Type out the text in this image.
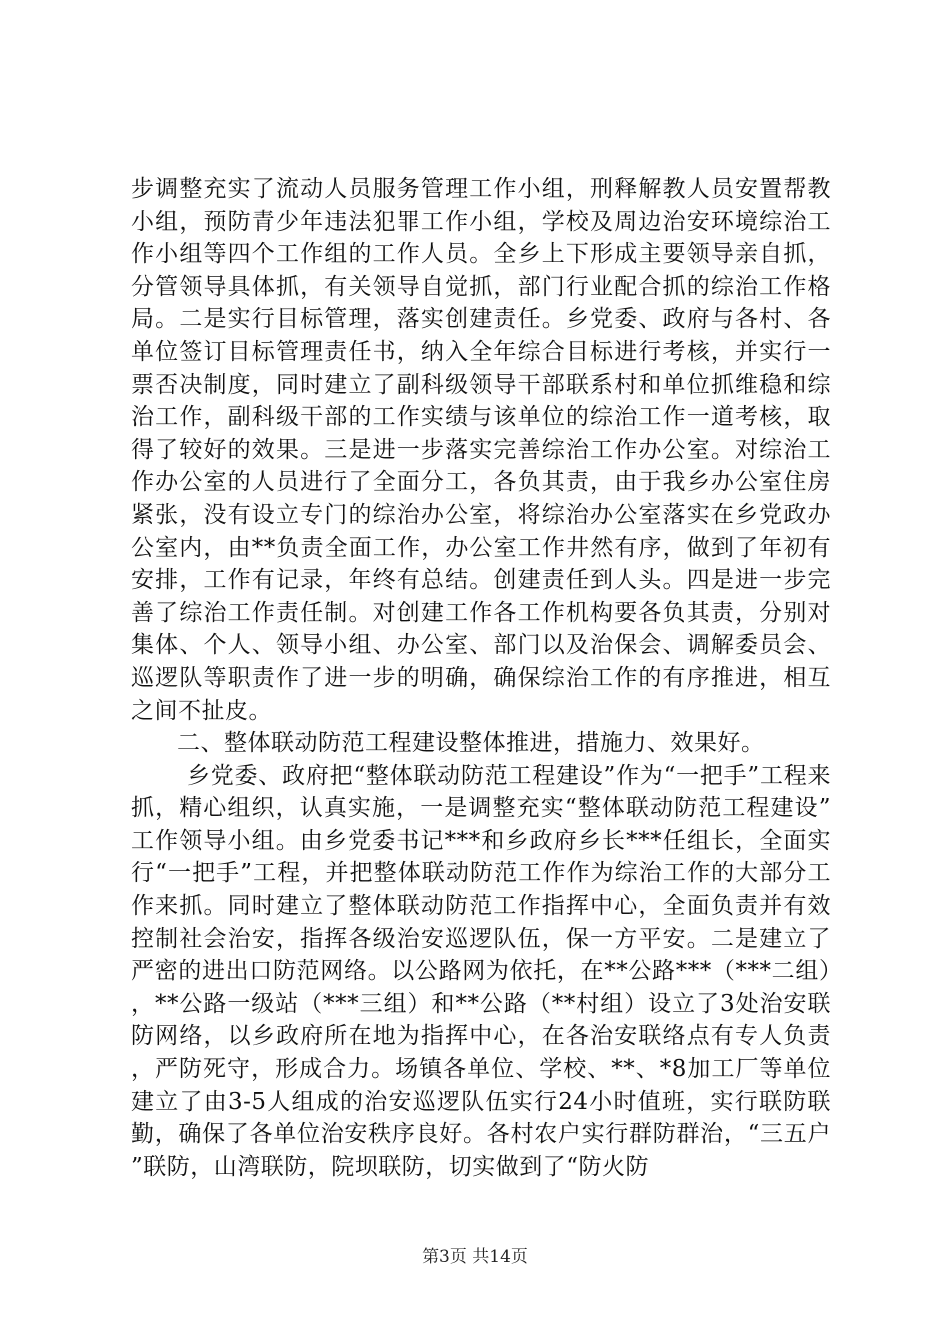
步调整充实了流动人员服务管理工作小组，刑释解教人员安置帮教小组，预防青少年违法犯罪工作小组，学校及周边治安环境综治工作小组等四个工作组的工作人员。全乡上下形成主要领导亲自抓，分管领导具体抓，有关领导自觉抓，部门行业配合抓的综治工作格局。二是实行目标管理，落实创建责任。乡党委、政府与各村、各单位签订目标管理责任书，纳入全年综合目标进行考核，并实行一票否决制度，同时建立了副科级领导干部联系村和单位抓维稳和综治工作，副科级干部的工作实绩与该单位的综治工作一道考核，取得了较好的效果。三是进一步落实完善综治工作办公室。对综治工作办公室的人员进行了全面分工，各负其责，由于我乡办公室住房紧张，没有设立专门的综治办公室，将综治办公室落实在乡党政办公室内，由**负责全面工作，办公室工作井然有序，做到了年初有安排，工作有记录，年终有总结。创建责任到人头。四是进一步完善了综治工作责任制。对创建工作各工作机构要各负其责，分别对集体、个人、领导小组、办公室、部门以及治保会、调解委员会、巡逻队等职责作了进一步的明确，确保综治工作的有序推进，相互之间不扯皮。

二、整体联动防范工程建设整体推进，措施力、效果好。

乡党委、政府把“整体联动防范工程建设”作为“一把手”工程来抓，精心组织，认真实施，一是调整充实“整体联动防范工程建设”工作领导小组。由乡党委书记***和乡政府乡长***任组长，全面实行“一把手”工程，并把整体联动防范工作作为综治工作的大部分工作来抓。同时建立了整体联动防范工作指挥中心，全面负责并有效控制社会治安，指挥各级治安巡逻队伍，保一方平安。二是建立了严密的进出口防范网络。以公路网为依托，在**公路***（***二组），**公路一级站（***三组）和**公路（**村组）设立了3处治安联防网络，以乡政府所在地为指挥中心，在各治安联络点有专人负责，严防死守，形成合力。场镇各单位、学校、**、*8加工厂等单位建立了由3-5人组成的治安巡逻队伍实行24小时值班，实行联防联勤，确保了各单位治安秩序良好。各村农户实行群防群治，“三五户”联防，山湾联防，院坝联防，切实做到了“防火防

第3页 共14页
